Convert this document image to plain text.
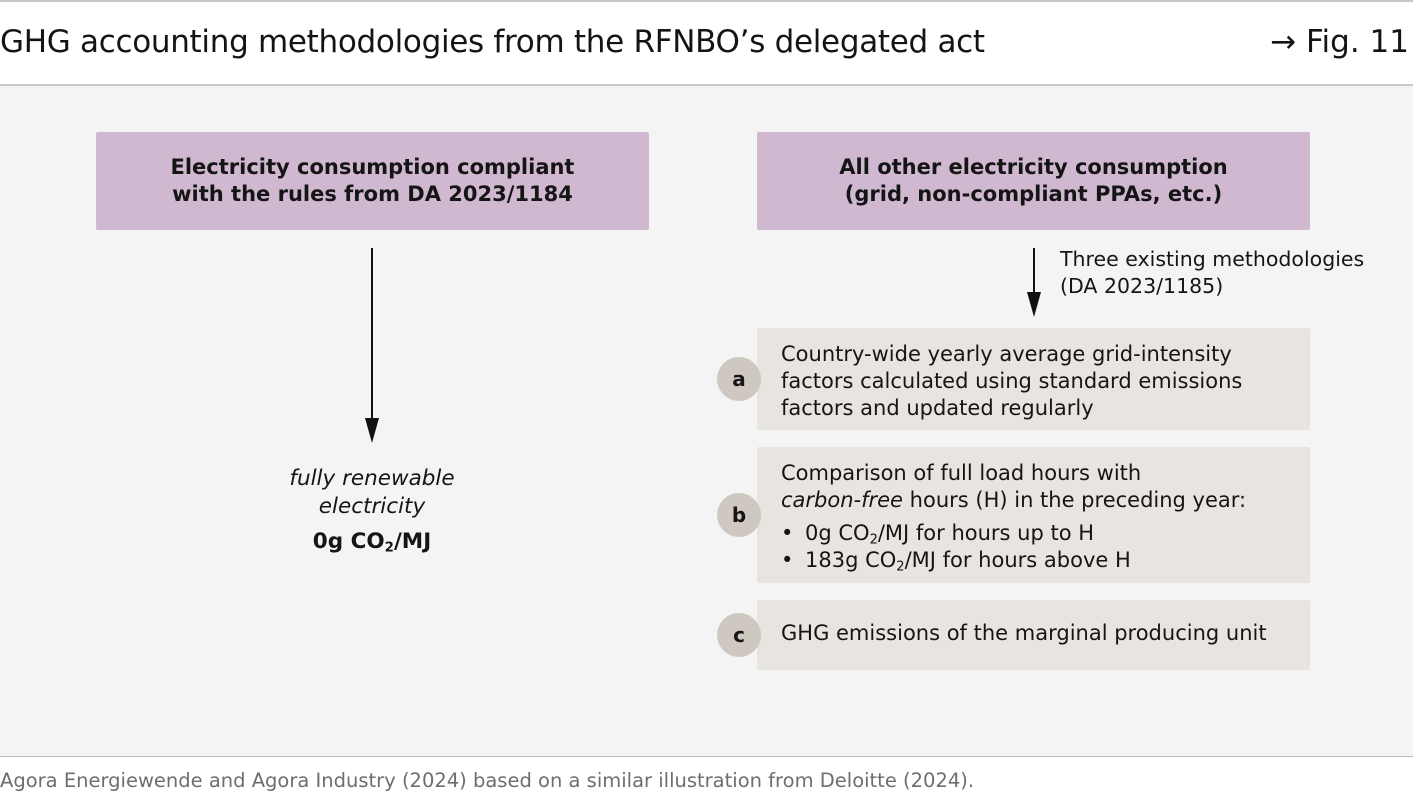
GHG accounting methodologies from the RFNBO’s delegated act	→ Fig. 11
Electricity consumption compliant
with the rules from DA 2023/1184
fully renewable
electricity
0g $CO_2/MJ$
All other electricity consumption
(grid, non-compliant PPAs, etc.)
Three existing methodologies
(DA 2023/1185)
Country-wide yearly average grid-intensity
factors calculated using standard emissions
factors and updated regularly
a
Comparison of full load hours with
carbon-free hours (H) in the preceding year:
• 0g $CO_2/MJ$ for hours up to H
• 183g $CO_2/MJ$ for hours above H
b
GHG emissions of the marginal producing unit
c
Agora Energiewende and Agora Industry (2024) based on a similar illustration from Deloitte (2024).
